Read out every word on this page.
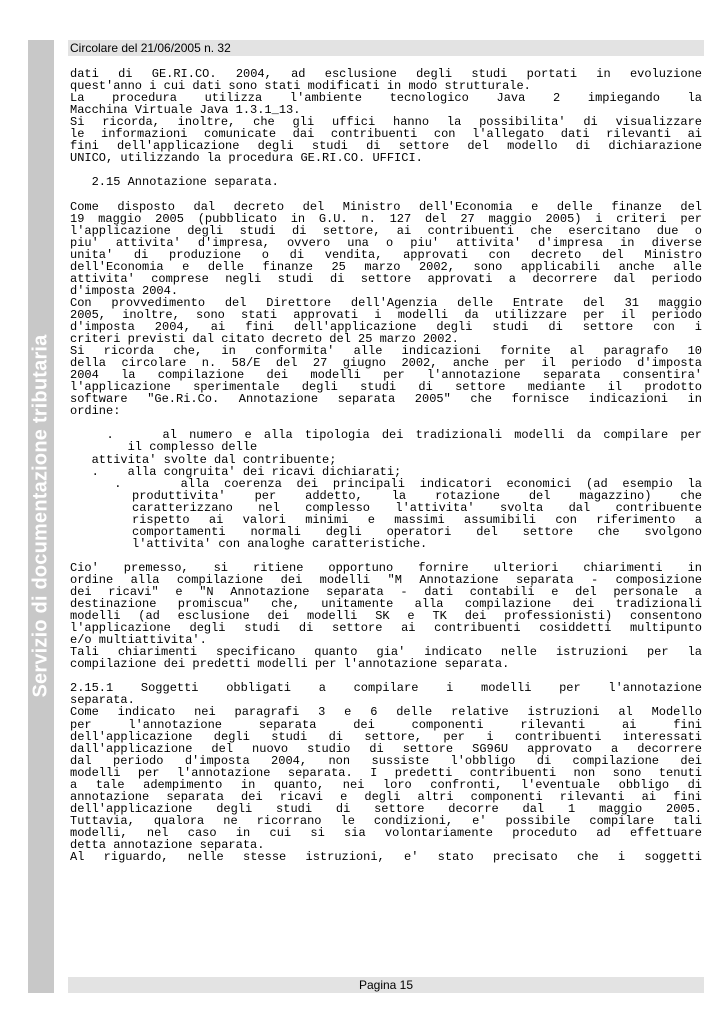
Servizio di documentazione tributaria
Circolare del 21/06/2005 n. 32
dati di GE.RI.CO. 2004, ad esclusione degli studi portati in evoluzione
quest'anno i cui dati sono stati modificati in modo strutturale.
La procedura utilizza l'ambiente tecnologico Java 2 impiegando la
Macchina Virtuale Java 1.3.1_13.
Si ricorda, inoltre, che gli uffici hanno la possibilita' di visualizzare
le informazioni comunicate dai contribuenti con l'allegato dati rilevanti ai
fini dell'applicazione degli studi di settore del modello di dichiarazione
UNICO, utilizzando la procedura GE.RI.CO. UFFICI.

2.15 Annotazione separata.

Come disposto dal decreto del Ministro dell'Economia e delle finanze del
19 maggio 2005 (pubblicato in G.U. n. 127 del 27 maggio 2005) i criteri per
l'applicazione degli studi di settore, ai contribuenti che esercitano due o
piu' attivita' d'impresa, ovvero una o piu' attivita' d'impresa in diverse
unita' di produzione o di vendita, approvati con decreto del Ministro
dell'Economia e delle finanze 25 marzo 2002, sono applicabili anche alle
attivita' comprese negli studi di settore approvati a decorrere dal periodo
d'imposta 2004.
Con provvedimento del Direttore dell'Agenzia delle Entrate del 31 maggio
2005, inoltre, sono stati approvati i modelli da utilizzare per il periodo
d'imposta 2004, ai fini dell'applicazione degli studi di settore con i
criteri previsti dal citato decreto del 25 marzo 2002.
Si ricorda che, in conformita' alle indicazioni fornite al paragrafo 10
della circolare n. 58/E del 27 giugno 2002, anche per il periodo d'imposta
2004 la compilazione dei modelli per l'annotazione separata consentira'
l'applicazione sperimentale degli studi di settore mediante il prodotto
software "Ge.Ri.Co. Annotazione separata 2005" che fornisce indicazioni in
ordine:
.    al numero e alla tipologia dei tradizionali modelli da compilare per
il complesso delle
attivita' svolte dal contribuente;
.    alla congruita' dei ricavi dichiarati;
.    alla coerenza dei principali indicatori economici (ad esempio la
produttivita' per addetto, la rotazione del magazzino) che
caratterizzano nel complesso l'attivita' svolta dal contribuente
rispetto ai valori minimi e massimi assumibili con riferimento a
comportamenti normali degli operatori del settore che svolgono
l'attivita' con analoghe caratteristiche.
Cio' premesso, si ritiene opportuno fornire ulteriori chiarimenti in
ordine alla compilazione dei modelli "M Annotazione separata - composizione
dei ricavi" e "N Annotazione separata - dati contabili e del personale a
destinazione promiscua" che, unitamente alla compilazione dei tradizionali
modelli (ad esclusione dei modelli SK e TK dei professionisti) consentono
l'applicazione degli studi di settore ai contribuenti cosiddetti multipunto
e/o multiattivita'.
Tali chiarimenti specificano quanto gia' indicato nelle istruzioni per la
compilazione dei predetti modelli per l'annotazione separata.
2.15.1 Soggetti obbligati a compilare i modelli per l'annotazione
separata.
Come indicato nei paragrafi 3 e 6 delle relative istruzioni al Modello
per l'annotazione separata dei componenti rilevanti ai fini
dell'applicazione degli studi di settore, per i contribuenti interessati
dall'applicazione del nuovo studio di settore SG96U approvato a decorrere
dal periodo d'imposta 2004, non sussiste l'obbligo di compilazione dei
modelli per l'annotazione separata. I predetti contribuenti non sono tenuti
a tale adempimento in quanto, nei loro confronti, l'eventuale obbligo di
annotazione separata dei ricavi e degli altri componenti rilevanti ai fini
dell'applicazione degli studi di settore decorre dal 1 maggio 2005.
Tuttavia, qualora ne ricorrano le condizioni, e' possibile compilare tali
modelli, nel caso in cui si sia volontariamente proceduto ad effettuare
detta annotazione separata.
Al riguardo, nelle stesse istruzioni, e' stato precisato che i soggetti
Pagina 15
